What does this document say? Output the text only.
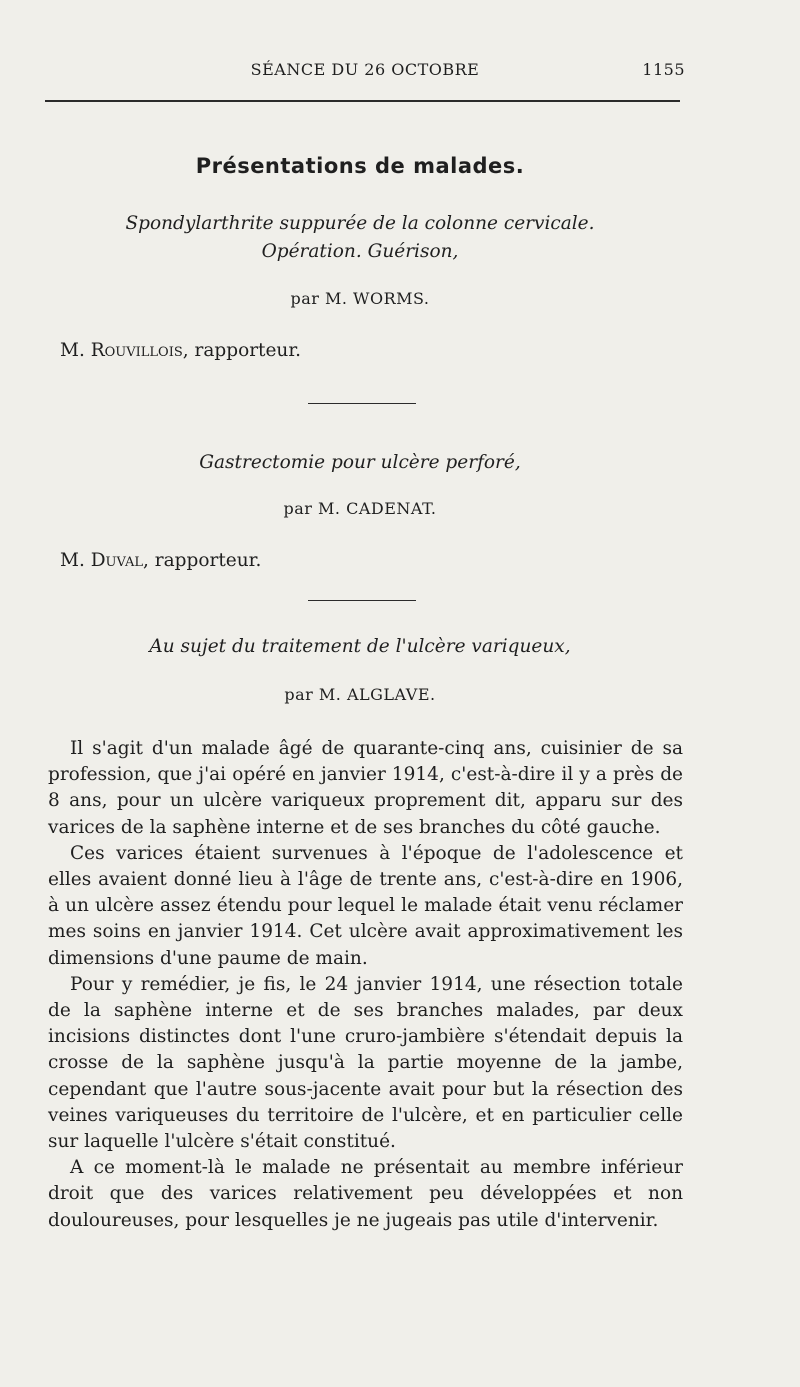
SÉANCE DU 26 OCTOBRE	1155
Présentations de malades.
Spondylarthrite suppurée de la colonne cervicale.
Opération. Guérison,
par M. WORMS.
M. Rouvillois, rapporteur.
Gastrectomie pour ulcère perforé,
par M. CADENAT.
M. Duval, rapporteur.
Au sujet du traitement de l'ulcère variqueux,
par M. ALGLAVE.

Il s'agit d'un malade âgé de quarante-cinq ans, cuisinier de sa profession, que j'ai opéré en janvier 1914, c'est-à-dire il y a près de 8 ans, pour un ulcère variqueux proprement dit, apparu sur des varices de la saphène interne et de ses branches du côté gauche.

Ces varices étaient survenues à l'époque de l'adolescence et elles avaient donné lieu à l'âge de trente ans, c'est-à-dire en 1906, à un ulcère assez étendu pour lequel le malade était venu réclamer mes soins en janvier 1914. Cet ulcère avait approximativement les dimensions d'une paume de main.

Pour y remédier, je fis, le 24 janvier 1914, une résection totale de la saphène interne et de ses branches malades, par deux incisions distinctes dont l'une cruro-jambière s'étendait depuis la crosse de la saphène jusqu'à la partie moyenne de la jambe, cependant que l'autre sous-jacente avait pour but la résection des veines variqueuses du territoire de l'ulcère, et en particulier celle sur laquelle l'ulcère s'était constitué.

A ce moment-là le malade ne présentait au membre inférieur droit que des varices relativement peu développées et non douloureuses, pour lesquelles je ne jugeais pas utile d'intervenir.
